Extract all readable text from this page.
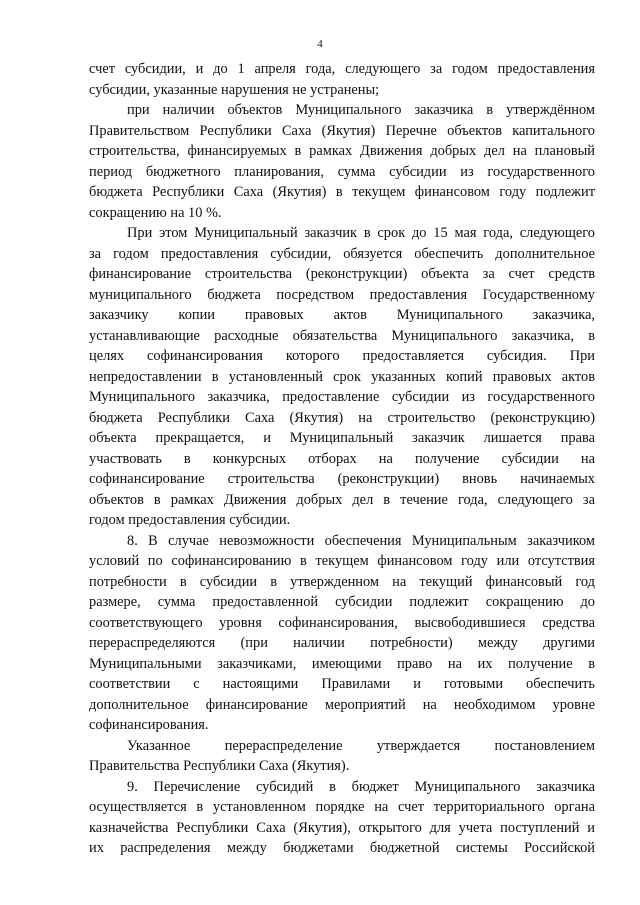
4
счет субсидии, и до 1 апреля года, следующего за годом предоставления
субсидии, указанные нарушения не устранены;
при наличии объектов Муниципального заказчика в утверждённом
Правительством Республики Саха (Якутия) Перечне объектов капитального
строительства, финансируемых в рамках Движения добрых дел на плановый
период бюджетного планирования, сумма субсидии из государственного
бюджета Республики Саха (Якутия) в текущем финансовом году подлежит
сокращению на 10 %.
При этом Муниципальный заказчик в срок до 15 мая года, следующего
за годом предоставления субсидии, обязуется обеспечить дополнительное
финансирование строительства (реконструкции) объекта за счет средств
муниципального бюджета посредством предоставления Государственному
заказчику копии правовых актов Муниципального заказчика,
устанавливающие расходные обязательства Муниципального заказчика, в
целях софинансирования которого предоставляется субсидия. При
непредоставлении в установленный срок указанных копий правовых актов
Муниципального заказчика, предоставление субсидии из государственного
бюджета Республики Саха (Якутия) на строительство (реконструкцию)
объекта прекращается, и Муниципальный заказчик лишается права
участвовать в конкурсных отборах на получение субсидии на
софинансирование строительства (реконструкции) вновь начинаемых
объектов в рамках Движения добрых дел в течение года, следующего за
годом предоставления субсидии.
8. В случае невозможности обеспечения Муниципальным заказчиком
условий по софинансированию в текущем финансовом году или отсутствия
потребности в субсидии в утвержденном на текущий финансовый год
размере, сумма предоставленной субсидии подлежит сокращению до
соответствующего уровня софинансирования, высвободившиеся средства
перераспределяются (при наличии потребности) между другими
Муниципальными заказчиками, имеющими право на их получение в
соответствии с настоящими Правилами и готовыми обеспечить
дополнительное финансирование мероприятий на необходимом уровне
софинансирования.
Указанное перераспределение утверждается постановлением
Правительства Республики Саха (Якутия).
9. Перечисление субсидий в бюджет Муниципального заказчика
осуществляется в установленном порядке на счет территориального органа
казначейства Республики Саха (Якутия), открытого для учета поступлений и
их распределения между бюджетами бюджетной системы Российской
